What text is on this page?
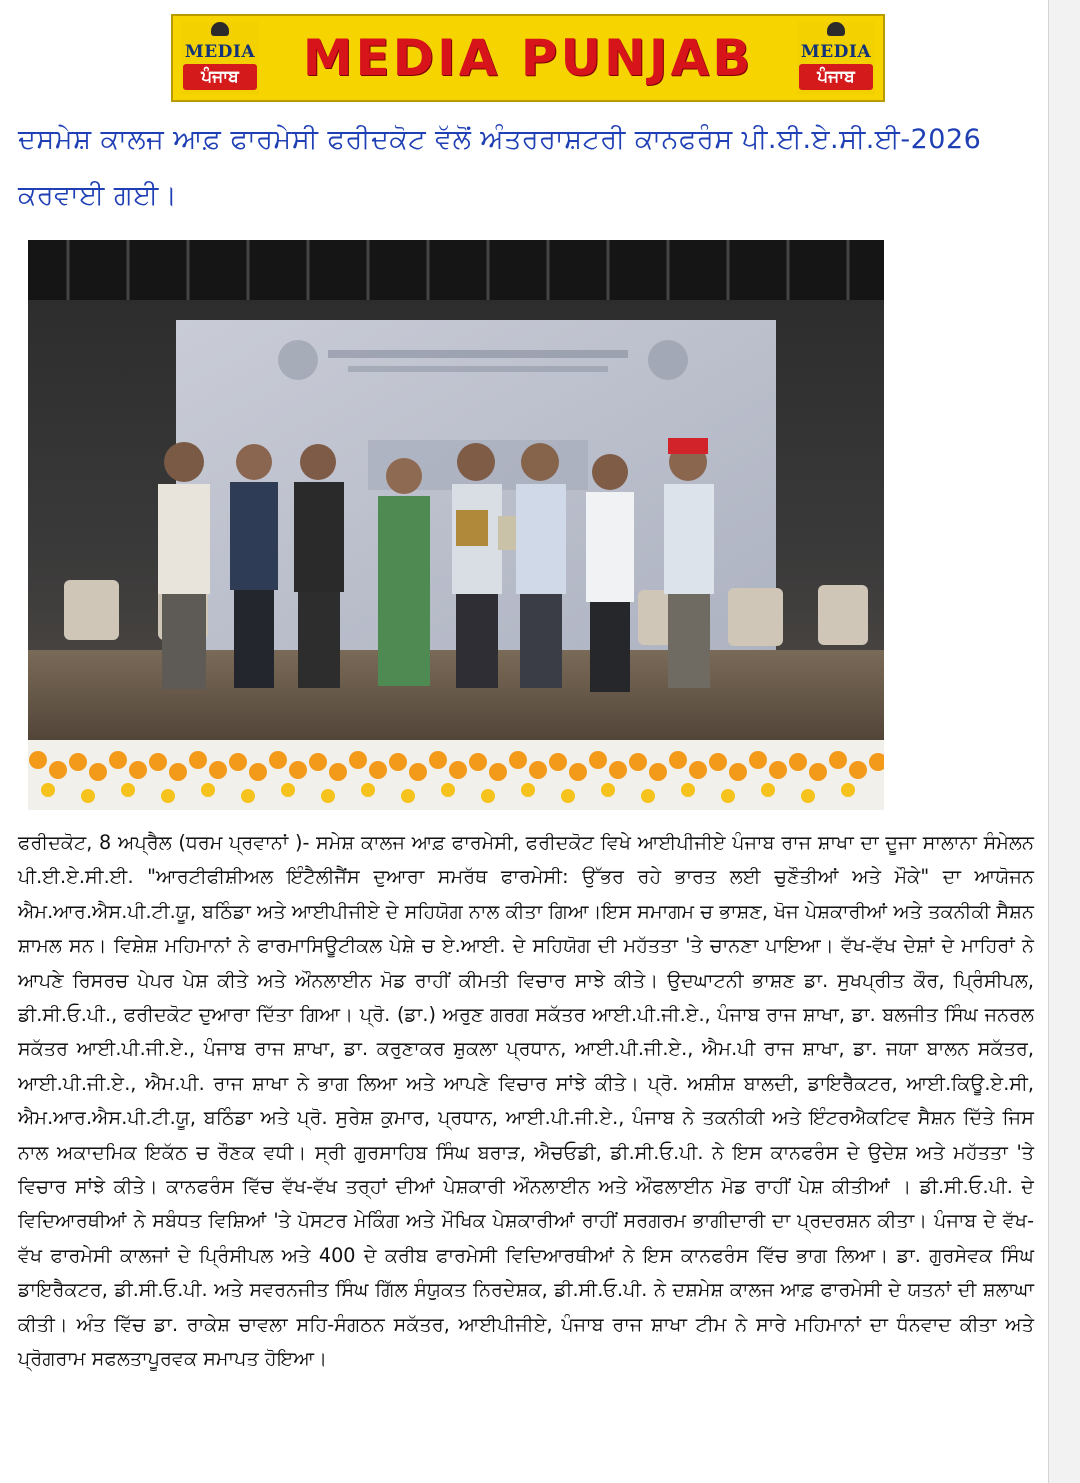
MEDIA
ਪੰਜਾਬ	MEDIA PUNJAB	MEDIA
ਪੰਜਾਬ
ਦਸਮੇਸ਼ ਕਾਲਜ ਆਫ਼ ਫਾਰਮੇਸੀ ਫਰੀਦਕੋਟ ਵੱਲੋਂ ਅੰਤਰਰਾਸ਼ਟਰੀ ਕਾਨਫਰੰਸ ਪੀ.ਈ.ਏ.ਸੀ.ਈ-2026 ਕਰਵਾਈ ਗਈ।

ਫਰੀਦਕੋਟ, 8 ਅਪ੍ਰੈਲ (ਧਰਮ ਪ੍ਰਵਾਨਾਂ )- ਸਮੇਸ਼ ਕਾਲਜ ਆਫ਼ ਫਾਰਮੇਸੀ, ਫਰੀਦਕੋਟ ਵਿਖੇ ਆਈਪੀਜੀਏ ਪੰਜਾਬ ਰਾਜ ਸ਼ਾਖਾ ਦਾ ਦੂਜਾ ਸਾਲਾਨਾ ਸੰਮੇਲਨ ਪੀ.ਈ.ਏ.ਸੀ.ਈ. "ਆਰਟੀਫੀਸ਼ੀਅਲ ਇੰਟੈਲੀਜੈਂਸ ਦੁਆਰਾ ਸਮਰੱਥ ਫਾਰਮੇਸੀ: ਉੱਭਰ ਰਹੇ ਭਾਰਤ ਲਈ ਚੁਣੌਤੀਆਂ ਅਤੇ ਮੌਕੇ" ਦਾ ਆਯੋਜਨ ਐਮ.ਆਰ.ਐਸ.ਪੀ.ਟੀ.ਯੂ, ਬਠਿੰਡਾ ਅਤੇ ਆਈਪੀਜੀਏ ਦੇ ਸਹਿਯੋਗ ਨਾਲ ਕੀਤਾ ਗਿਆ।ਇਸ ਸਮਾਗਮ ਚ ਭਾਸ਼ਣ, ਖੋਜ ਪੇਸ਼ਕਾਰੀਆਂ ਅਤੇ ਤਕਨੀਕੀ ਸੈਸ਼ਨ ਸ਼ਾਮਲ ਸਨ। ਵਿਸ਼ੇਸ਼ ਮਹਿਮਾਨਾਂ ਨੇ ਫਾਰਮਾਸਿਊਟੀਕਲ ਪੇਸ਼ੇ ਚ ਏ.ਆਈ. ਦੇ ਸਹਿਯੋਗ ਦੀ ਮਹੱਤਤਾ 'ਤੇ ਚਾਨਣਾ ਪਾਇਆ। ਵੱਖ-ਵੱਖ ਦੇਸ਼ਾਂ ਦੇ ਮਾਹਿਰਾਂ ਨੇ ਆਪਣੇ ਰਿਸਰਚ ਪੇਪਰ ਪੇਸ਼ ਕੀਤੇ ਅਤੇ ਔਨਲਾਈਨ ਮੋਡ ਰਾਹੀਂ ਕੀਮਤੀ ਵਿਚਾਰ ਸਾਝੇ ਕੀਤੇ। ਉਦਘਾਟਨੀ ਭਾਸ਼ਣ ਡਾ. ਸੁਖਪ੍ਰੀਤ ਕੌਰ, ਪ੍ਰਿੰਸੀਪਲ, ਡੀ.ਸੀ.ਓ.ਪੀ., ਫਰੀਦਕੋਟ ਦੁਆਰਾ ਦਿੱਤਾ ਗਿਆ। ਪ੍ਰੋ. (ਡਾ.) ਅਰੁਣ ਗਰਗ ਸਕੱਤਰ ਆਈ.ਪੀ.ਜੀ.ਏ., ਪੰਜਾਬ ਰਾਜ ਸ਼ਾਖਾ, ਡਾ. ਬਲਜੀਤ ਸਿੰਘ ਜਨਰਲ ਸਕੱਤਰ ਆਈ.ਪੀ.ਜੀ.ਏ., ਪੰਜਾਬ ਰਾਜ ਸ਼ਾਖਾ, ਡਾ. ਕਰੁਣਾਕਰ ਸ਼ੁਕਲਾ ਪ੍ਰਧਾਨ, ਆਈ.ਪੀ.ਜੀ.ਏ., ਐਮ.ਪੀ ਰਾਜ ਸ਼ਾਖਾ, ਡਾ. ਜਯਾ ਬਾਲਨ ਸਕੱਤਰ, ਆਈ.ਪੀ.ਜੀ.ਏ., ਐਮ.ਪੀ. ਰਾਜ ਸ਼ਾਖਾ ਨੇ ਭਾਗ ਲਿਆ ਅਤੇ ਆਪਣੇ ਵਿਚਾਰ ਸਾਂਝੇ ਕੀਤੇ। ਪ੍ਰੋ. ਅਸ਼ੀਸ਼ ਬਾਲਦੀ, ਡਾਇਰੈਕਟਰ, ਆਈ.ਕਿਊ.ਏ.ਸੀ, ਐਮ.ਆਰ.ਐਸ.ਪੀ.ਟੀ.ਯੂ, ਬਠਿੰਡਾ ਅਤੇ ਪ੍ਰੋ. ਸੁਰੇਸ਼ ਕੁਮਾਰ, ਪ੍ਰਧਾਨ, ਆਈ.ਪੀ.ਜੀ.ਏ., ਪੰਜਾਬ ਨੇ ਤਕਨੀਕੀ ਅਤੇ ਇੰਟਰਐਕਟਿਵ ਸੈਸ਼ਨ ਦਿੱਤੇ ਜਿਸ ਨਾਲ ਅਕਾਦਮਿਕ ਇਕੱਠ ਚ ਰੌਣਕ ਵਧੀ। ਸ੍ਰੀ ਗੁਰਸਾਹਿਬ ਸਿੰਘ ਬਰਾੜ, ਐਚਓਡੀ, ਡੀ.ਸੀ.ਓ.ਪੀ. ਨੇ ਇਸ ਕਾਨਫਰੰਸ ਦੇ ਉਦੇਸ਼ ਅਤੇ ਮਹੱਤਤਾ 'ਤੇ ਵਿਚਾਰ ਸਾਂਝੇ ਕੀਤੇ। ਕਾਨਫਰੰਸ ਵਿੱਚ ਵੱਖ-ਵੱਖ ਤਰ੍ਹਾਂ ਦੀਆਂ ਪੇਸ਼ਕਾਰੀ ਔਨਲਾਈਨ ਅਤੇ ਔਫਲਾਈਨ ਮੋਡ ਰਾਹੀਂ ਪੇਸ਼ ਕੀਤੀਆਂ । ਡੀ.ਸੀ.ਓ.ਪੀ. ਦੇ ਵਿਦਿਆਰਥੀਆਂ ਨੇ ਸਬੰਧਤ ਵਿਸ਼ਿਆਂ 'ਤੇ ਪੋਸਟਰ ਮੇਕਿੰਗ ਅਤੇ ਮੌਖਿਕ ਪੇਸ਼ਕਾਰੀਆਂ ਰਾਹੀਂ ਸਰਗਰਮ ਭਾਗੀਦਾਰੀ ਦਾ ਪ੍ਰਦਰਸ਼ਨ ਕੀਤਾ। ਪੰਜਾਬ ਦੇ ਵੱਖ-ਵੱਖ ਫਾਰਮੇਸੀ ਕਾਲਜਾਂ ਦੇ ਪ੍ਰਿੰਸੀਪਲ ਅਤੇ 400 ਦੇ ਕਰੀਬ ਫਾਰਮੇਸੀ ਵਿਦਿਆਰਥੀਆਂ ਨੇ ਇਸ ਕਾਨਫਰੰਸ ਵਿੱਚ ਭਾਗ ਲਿਆ। ਡਾ. ਗੁਰਸੇਵਕ ਸਿੰਘ ਡਾਇਰੈਕਟਰ, ਡੀ.ਸੀ.ਓ.ਪੀ. ਅਤੇ ਸਵਰਨਜੀਤ ਸਿੰਘ ਗਿੱਲ ਸੰਯੁਕਤ ਨਿਰਦੇਸ਼ਕ, ਡੀ.ਸੀ.ਓ.ਪੀ. ਨੇ ਦਸ਼ਮੇਸ਼ ਕਾਲਜ ਆਫ਼ ਫਾਰਮੇਸੀ ਦੇ ਯਤਨਾਂ ਦੀ ਸ਼ਲਾਘਾ ਕੀਤੀ। ਅੰਤ ਵਿੱਚ ਡਾ. ਰਾਕੇਸ਼ ਚਾਵਲਾ ਸਹਿ-ਸੰਗਠਨ ਸਕੱਤਰ, ਆਈਪੀਜੀਏ, ਪੰਜਾਬ ਰਾਜ ਸ਼ਾਖਾ ਟੀਮ ਨੇ ਸਾਰੇ ਮਹਿਮਾਨਾਂ ਦਾ ਧੰਨਵਾਦ ਕੀਤਾ ਅਤੇ ਪ੍ਰੋਗਰਾਮ ਸਫਲਤਾਪੂਰਵਕ ਸਮਾਪਤ ਹੋਇਆ।
